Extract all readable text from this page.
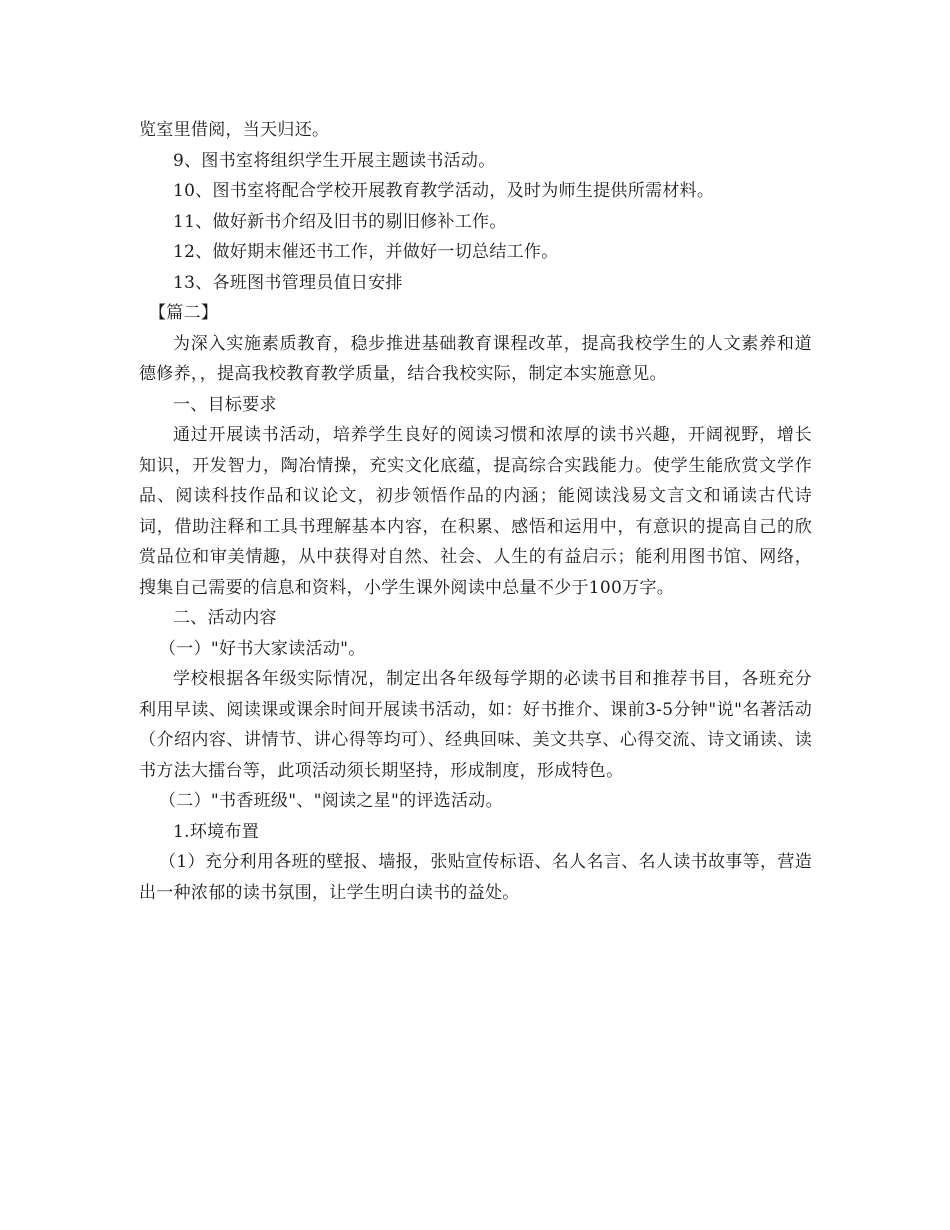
览室里借阅，当天归还。

9、图书室将组织学生开展主题读书活动。

10、图书室将配合学校开展教育教学活动，及时为师生提供所需材料。

11、做好新书介绍及旧书的剔旧修补工作。

12、做好期末催还书工作，并做好一切总结工作。

13、各班图书管理员值日安排

【篇二】

为深入实施素质教育，稳步推进基础教育课程改革，提高我校学生的人文素养和道德修养，，提高我校教育教学质量，结合我校实际，制定本实施意见。

一、目标要求

通过开展读书活动，培养学生良好的阅读习惯和浓厚的读书兴趣，开阔视野，增长知识，开发智力，陶冶情操，充实文化底蕴，提高综合实践能力。使学生能欣赏文学作品、阅读科技作品和议论文，初步领悟作品的内涵；能阅读浅易文言文和诵读古代诗词，借助注释和工具书理解基本内容，在积累、感悟和运用中，有意识的提高自己的欣赏品位和审美情趣，从中获得对自然、社会、人生的有益启示；能利用图书馆、网络，搜集自己需要的信息和资料，小学生课外阅读中总量不少于100万字。

二、活动内容

（一）"好书大家读活动"。

学校根据各年级实际情况，制定出各年级每学期的必读书目和推荐书目，各班充分利用早读、阅读课或课余时间开展读书活动，如：好书推介、课前3-5分钟"说"名著活动（介绍内容、讲情节、讲心得等均可）、经典回味、美文共享、心得交流、诗文诵读、读书方法大擂台等，此项活动须长期坚持，形成制度，形成特色。

（二）"书香班级"、"阅读之星"的评选活动。

1.环境布置

（1）充分利用各班的壁报、墙报，张贴宣传标语、名人名言、名人读书故事等，营造出一种浓郁的读书氛围，让学生明白读书的益处。
